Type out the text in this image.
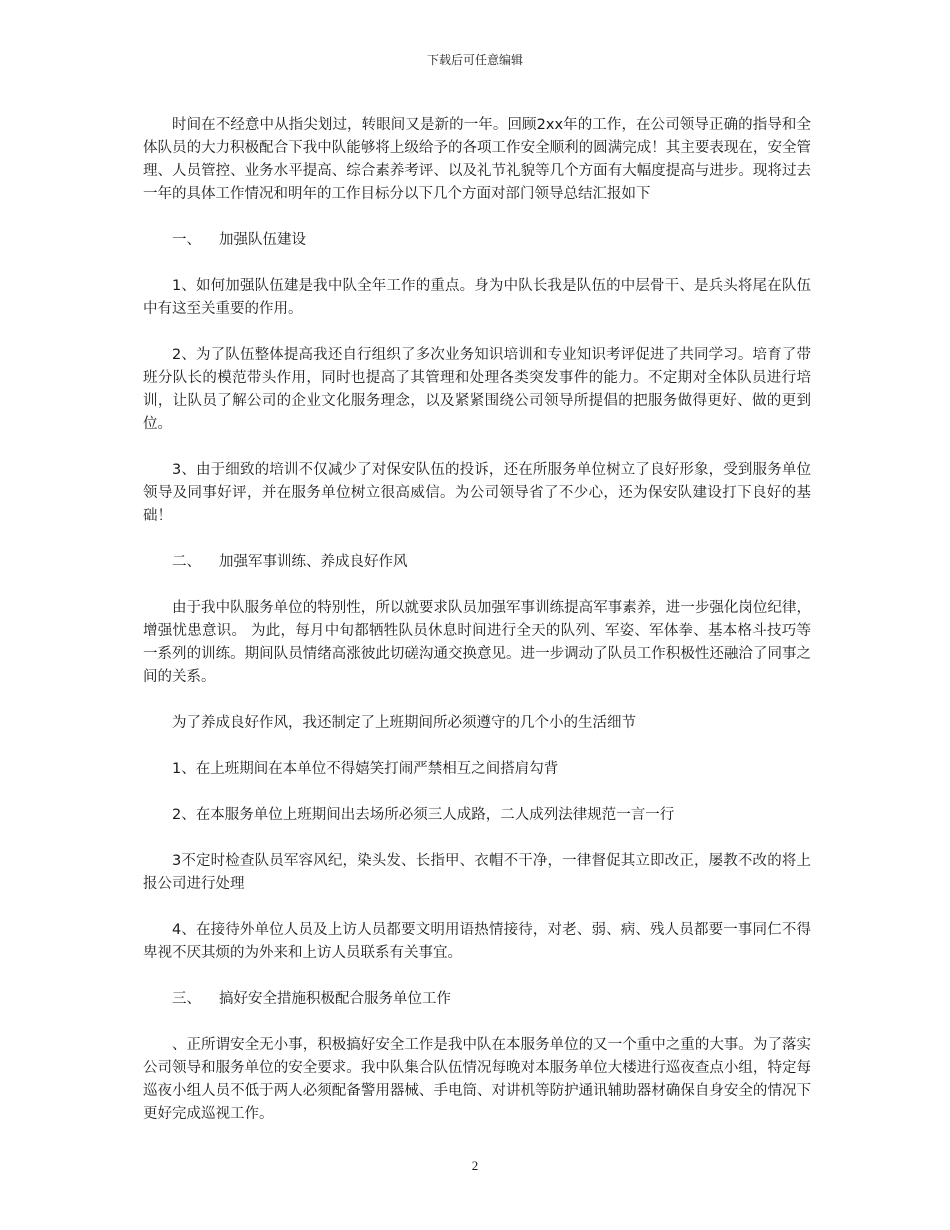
下载后可任意编辑

时间在不经意中从指尖划过，转眼间又是新的一年。回顾2xx年的工作，在公司领导正确的指导和全体队员的大力积极配合下我中队能够将上级给予的各项工作安全顺利的圆满完成！其主要表现在，安全管理、人员管控、业务水平提高、综合素养考评、以及礼节礼貌等几个方面有大幅度提高与进步。现将过去一年的具体工作情况和明年的工作目标分以下几个方面对部门领导总结汇报如下

一、 加强队伍建设

1、如何加强队伍建是我中队全年工作的重点。身为中队长我是队伍的中层骨干、是兵头将尾在队伍中有这至关重要的作用。

2、为了队伍整体提高我还自行组织了多次业务知识培训和专业知识考评促进了共同学习。培育了带班分队长的模范带头作用，同时也提高了其管理和处理各类突发事件的能力。不定期对全体队员进行培训，让队员了解公司的企业文化服务理念，以及紧紧围绕公司领导所提倡的把服务做得更好、做的更到位。

3、由于细致的培训不仅减少了对保安队伍的投诉，还在所服务单位树立了良好形象，受到服务单位领导及同事好评，并在服务单位树立很高威信。为公司领导省了不少心，还为保安队建设打下良好的基础！

二、 加强军事训练、养成良好作风

由于我中队服务单位的特别性，所以就要求队员加强军事训练提高军事素养，进一步强化岗位纪律，增强忧患意识。 为此，每月中旬都牺牲队员休息时间进行全天的队列、军姿、军体拳、基本格斗技巧等一系列的训练。期间队员情绪高涨彼此切磋沟通交换意见。进一步调动了队员工作积极性还融洽了同事之间的关系。

为了养成良好作风，我还制定了上班期间所必须遵守的几个小的生活细节

1、在上班期间在本单位不得嬉笑打闹严禁相互之间搭肩勾背

2、在本服务单位上班期间出去场所必须三人成路，二人成列法律规范一言一行

3不定时检查队员军容风纪，染头发、长指甲、衣帽不干净，一律督促其立即改正，屡教不改的将上报公司进行处理

4、在接待外单位人员及上访人员都要文明用语热情接待，对老、弱、病、残人员都要一事同仁不得卑视不厌其烦的为外来和上访人员联系有关事宜。

三、 搞好安全措施积极配合服务单位工作

、正所谓安全无小事，积极搞好安全工作是我中队在本服务单位的又一个重中之重的大事。为了落实公司领导和服务单位的安全要求。我中队集合队伍情况每晚对本服务单位大楼进行巡夜查点小组，特定每巡夜小组人员不低于两人必须配备警用器械、手电筒、对讲机等防护通讯辅助器材确保自身安全的情况下更好完成巡视工作。

2
